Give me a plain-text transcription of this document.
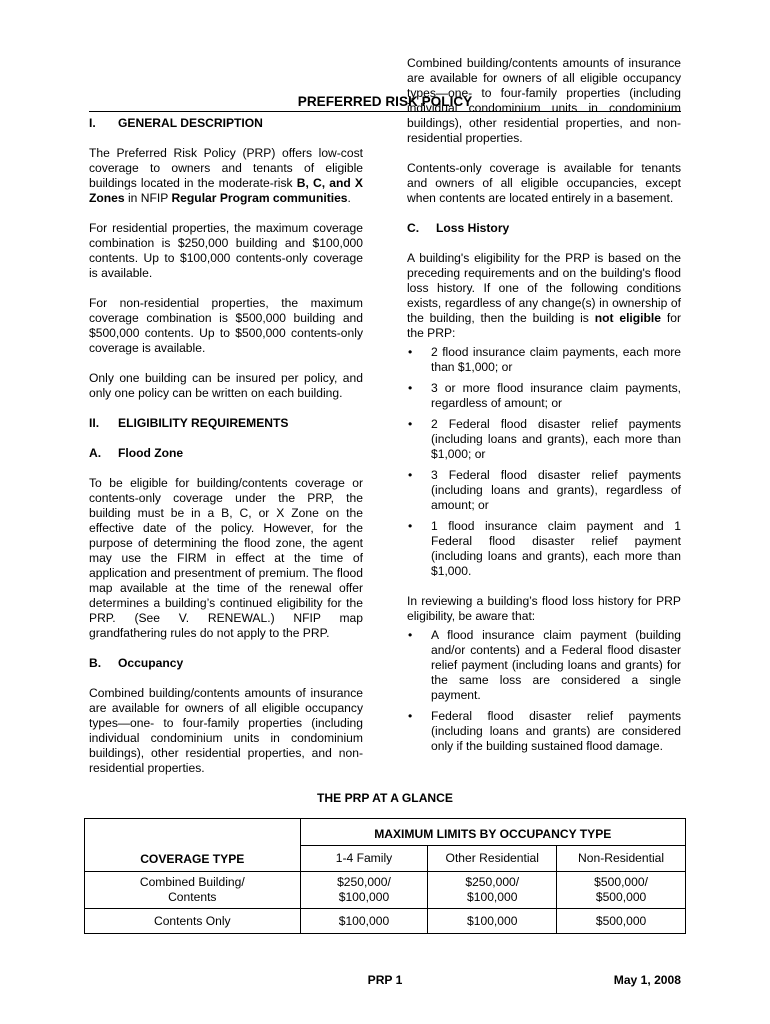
PREFERRED RISK POLICY
I.	GENERAL DESCRIPTION

The Preferred Risk Policy (PRP) offers low-cost coverage to owners and tenants of eligible buildings located in the moderate-risk B, C, and X Zones in NFIP Regular Program communities.

For residential properties, the maximum coverage combination is $250,000 building and $100,000 contents. Up to $100,000 contents-only coverage is available.

For non-residential properties, the maximum coverage combination is $500,000 building and $500,000 contents. Up to $500,000 contents-only coverage is available.

Only one building can be insured per policy, and only one policy can be written on each building.

II.	ELIGIBILITY REQUIREMENTS
A.	Flood Zone

To be eligible for building/contents coverage or contents-only coverage under the PRP, the building must be in a B, C, or X Zone on the effective date of the policy. However, for the purpose of determining the flood zone, the agent may use the FIRM in effect at the time of application and presentment of premium. The flood map available at the time of the renewal offer determines a building’s continued eligibility for the PRP. (See V. RENEWAL.) NFIP map grandfathering rules do not apply to the PRP.

B.	Occupancy

Combined building/contents amounts of insurance are available for owners of all eligible occupancy types—one- to four-family properties (including individual condominium units in condominium buildings), other residential properties, and non-residential properties.

Combined building/contents amounts of insurance are available for owners of all eligible occupancy types—one- to four-family properties (including individual condominium units in condominium buildings), other residential properties, and non-residential properties.

Contents-only coverage is available for tenants and owners of all eligible occupancies, except when contents are located entirely in a basement.

C.	Loss History

A building's eligibility for the PRP is based on the preceding requirements and on the building's flood loss history. If one of the following conditions exists, regardless of any change(s) in ownership of the building, then the building is not eligible for the PRP:

• 2 flood insurance claim payments, each more than $1,000; or
• 3 or more flood insurance claim payments, regardless of amount; or
• 2 Federal flood disaster relief payments (including loans and grants), each more than $1,000; or
• 3 Federal flood disaster relief payments (including loans and grants), regardless of amount; or
• 1 flood insurance claim payment and 1 Federal flood disaster relief payment (including loans and grants), each more than $1,000.

In reviewing a building’s flood loss history for PRP eligibility, be aware that:

• A flood insurance claim payment (building and/or contents) and a Federal flood disaster relief payment (including loans and grants) for the same loss are considered a single payment.
• Federal flood disaster relief payments (including loans and grants) are considered only if the building sustained flood damage.
THE PRP AT A GLANCE
COVERAGE TYPE	MAXIMUM LIMITS BY OCCUPANCY TYPE		
	1-4 Family	Other Residential	Non-Residential
Combined Building/
Contents	$250,000/
$100,000	$250,000/
$100,000	$500,000/
$500,000
Contents Only	$100,000	$100,000	$500,000
PRP 1	May 1, 2008
